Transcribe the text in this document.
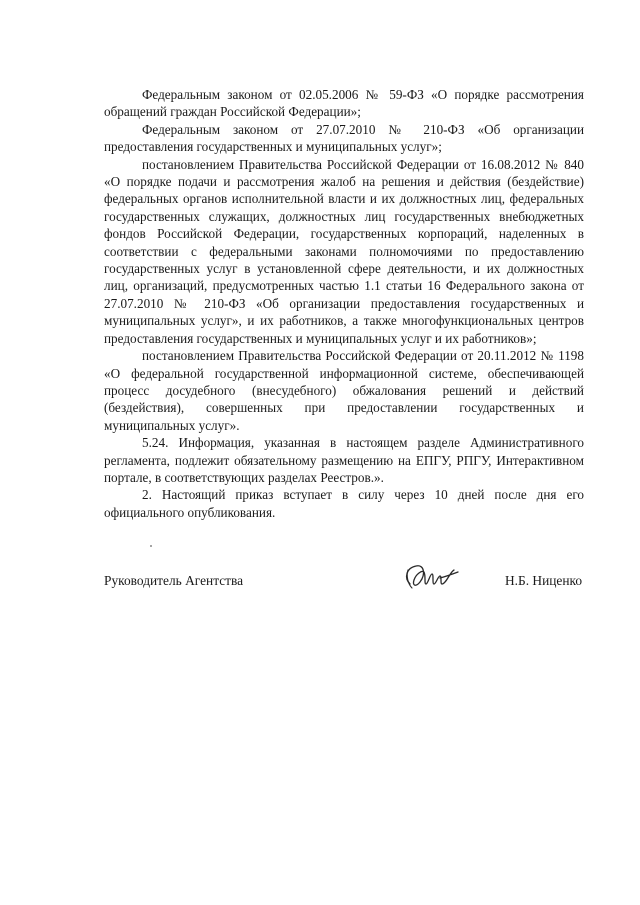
Федеральным законом от 02.05.2006 № 59-ФЗ «О порядке рассмотрения обращений граждан Российской Федерации»;

Федеральным законом от 27.07.2010 № 210-ФЗ «Об организации предоставления государственных и муниципальных услуг»;

постановлением Правительства Российской Федерации от 16.08.2012 № 840 «О порядке подачи и рассмотрения жалоб на решения и действия (бездействие) федеральных органов исполнительной власти и их должностных лиц, федеральных государственных служащих, должностных лиц государственных внебюджетных фондов Российской Федерации, государственных корпораций, наделенных в соответствии с федеральными законами полномочиями по предоставлению государственных услуг в установленной сфере деятельности, и их должностных лиц, организаций, предусмотренных частью 1.1 статьи 16 Федерального закона от 27.07.2010 № 210-ФЗ «Об организации предоставления государственных и муниципальных услуг», и их работников, а также многофункциональных центров предоставления государственных и муниципальных услуг и их работников»;

постановлением Правительства Российской Федерации от 20.11.2012 № 1198 «О федеральной государственной информационной системе, обеспечивающей процесс досудебного (внесудебного) обжалования решений и действий (бездействия), совершенных при предоставлении государственных и муниципальных услуг».

5.24. Информация, указанная в настоящем разделе Административного регламента, подлежит обязательному размещению на ЕПГУ, РПГУ, Интерактивном портале, в соответствующих разделах Реестров.».

2. Настоящий приказ вступает в силу через 10 дней после дня его официального опубликования.

Руководитель Агентства	Н.Б. Ниценко
